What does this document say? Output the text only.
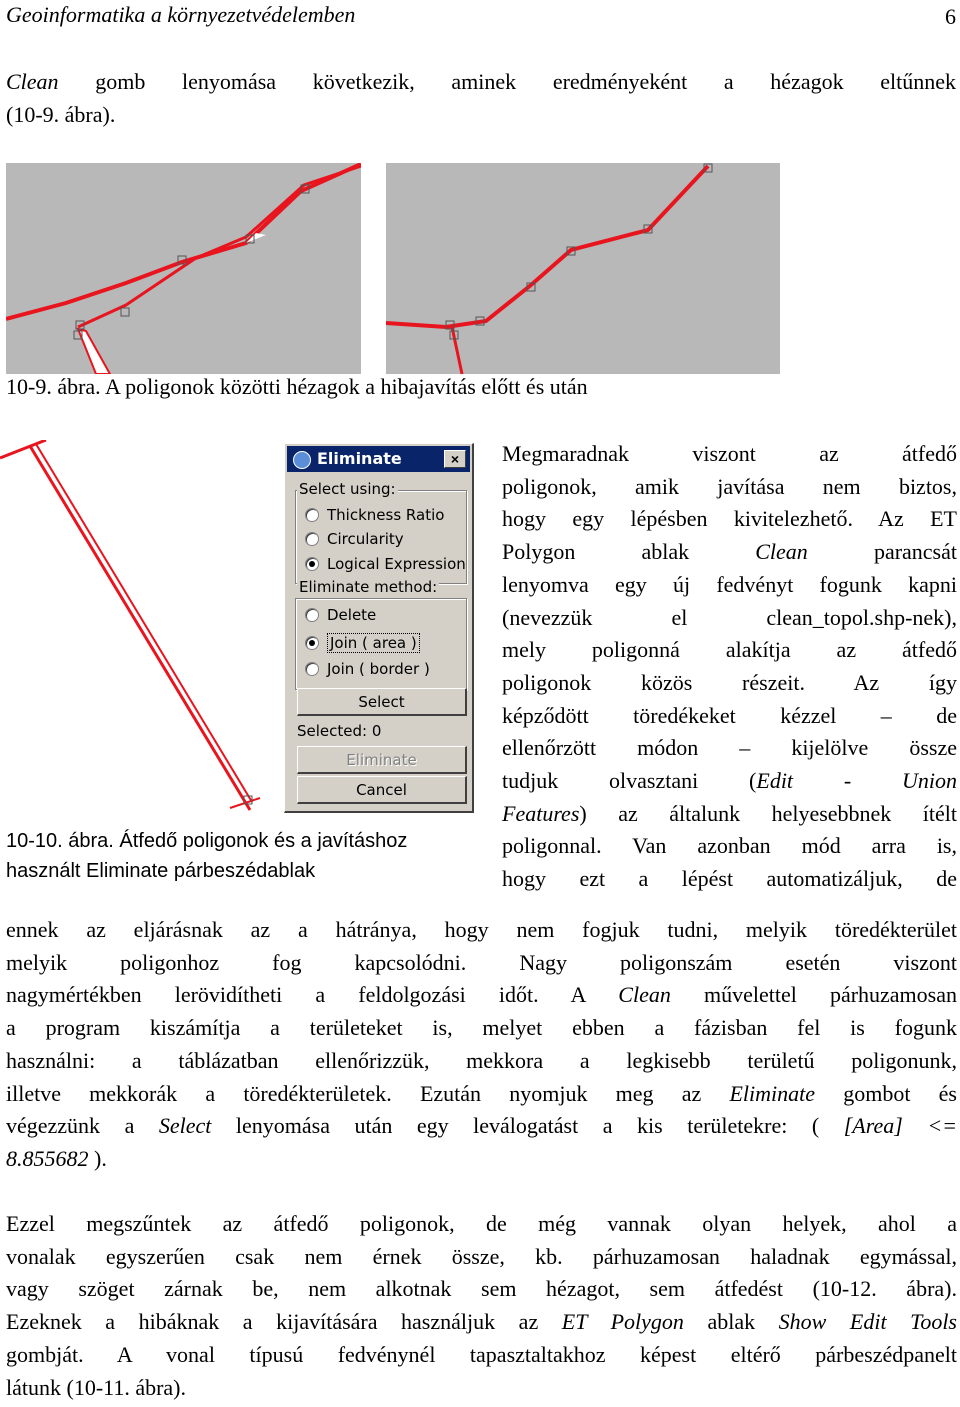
Geoinformatika a környezetvédelemben	6

Clean gomb lenyomása következik, aminek eredményeként a hézagok eltűnnek

(10-9. ábra).

10-9. ábra. A poligonok közötti hézagok a hibajavítás előtt és után
Eliminate	×
Select using:
Thickness Ratio
Circularity
Logical Expression
Eliminate method:
Delete
Join ( area )
Join ( border )
Select
Selected: 0
Eliminate
Cancel
10-10. ábra. Átfedő poligonok és a javításhoz
használt Eliminate párbeszédablak

Megmaradnak viszont az átfedő

poligonok, amik javítása nem biztos,

hogy egy lépésben kivitelezhető. Az ET

Polygon ablak Clean parancsát

lenyomva egy új fedvényt fogunk kapni

(nevezzük el clean_topol.shp-nek),

mely poligonná alakítja az átfedő

poligonok közös részeit. Az így

képződött töredékeket kézzel – de

ellenőrzött módon – kijelölve össze

tudjuk olvasztani (Edit - Union

Features) az általunk helyesebbnek ítélt

poligonnal. Van azonban mód arra is,

hogy ezt a lépést automatizáljuk, de

ennek az eljárásnak az a hátránya, hogy nem fogjuk tudni, melyik töredékterület

melyik poligonhoz fog kapcsolódni. Nagy poligonszám esetén viszont

nagymértékben lerövidítheti a feldolgozási időt. A Clean művelettel párhuzamosan

a program kiszámítja a területeket is, melyet ebben a fázisban fel is fogunk

használni: a táblázatban ellenőrizzük, mekkora a legkisebb területű poligonunk,

illetve mekkorák a töredékterületek. Ezután nyomjuk meg az Eliminate gombot és

végezzünk a Select lenyomása után egy leválogatást a kis területekre: ( [Area] <=

8.855682 ).

Ezzel megszűntek az átfedő poligonok, de még vannak olyan helyek, ahol a

vonalak egyszerűen csak nem érnek össze, kb. párhuzamosan haladnak egymással,

vagy szöget zárnak be, nem alkotnak sem hézagot, sem átfedést (10-12. ábra).

Ezeknek a hibáknak a kijavítására használjuk az ET Polygon ablak Show Edit Tools

gombját. A vonal típusú fedvénynél tapasztaltakhoz képest eltérő párbeszédpanelt

látunk (10-11. ábra).
